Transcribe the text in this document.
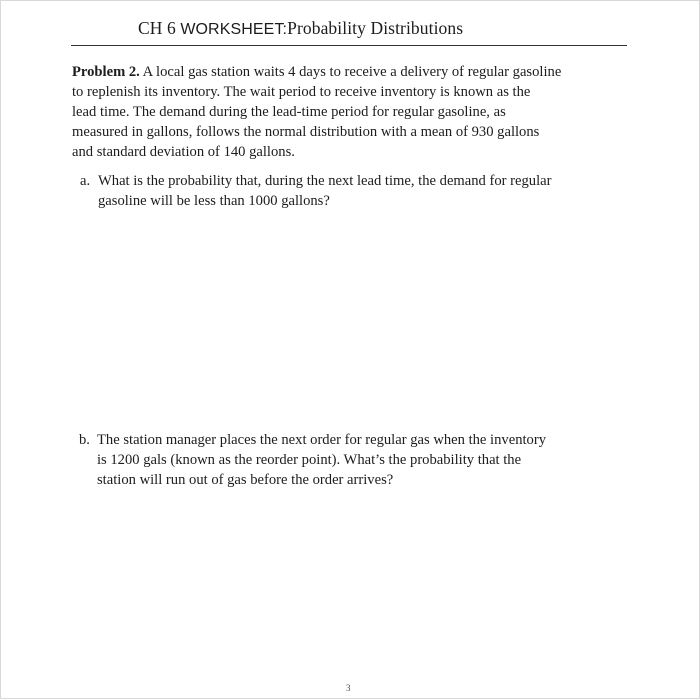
CH 6 WORKSHEET:Probability Distributions
Problem 2. A local gas station waits 4 days to receive a delivery of regular gasoline
to replenish its inventory. The wait period to receive inventory is known as the
lead time. The demand during the lead-time period for regular gasoline, as
measured in gallons, follows the normal distribution with a mean of 930 gallons
and standard deviation of 140 gallons.
a. What is the probability that, during the next lead time, the demand for regular
gasoline will be less than 1000 gallons?
b. The station manager places the next order for regular gas when the inventory
is 1200 gals (known as the reorder point). What’s the probability that the
station will run out of gas before the order arrives?
3
